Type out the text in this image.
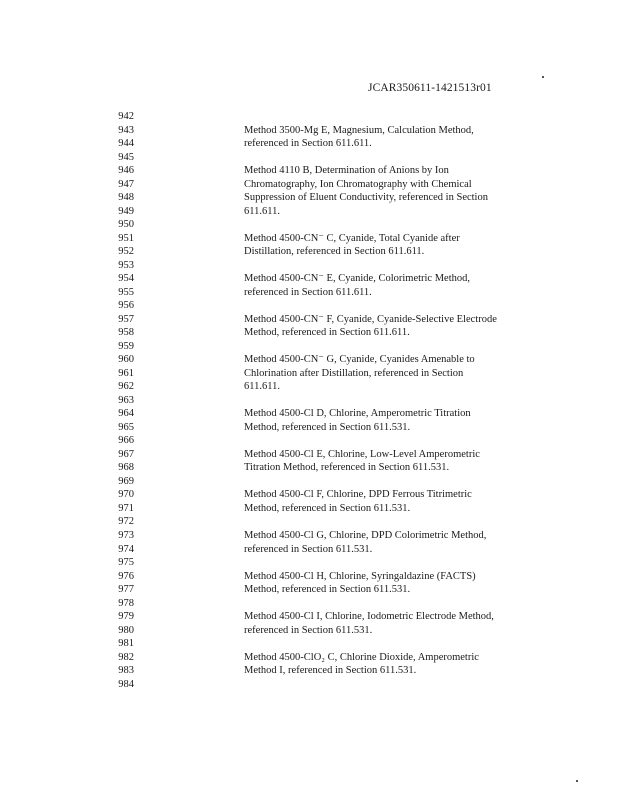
JCAR350611-1421513r01
942
943
944
945
946
947
948
949
950
951
952
953
954
955
956
957
958
959
960
961
962
963
964
965
966
967
968
969
970
971
972
973
974
975
976
977
978
979
980
981
982
983
984
Method 3500-Mg E, Magnesium, Calculation Method,
referenced in Section 611.611.
Method 4110 B, Determination of Anions by Ion
Chromatography, Ion Chromatography with Chemical
Suppression of Eluent Conductivity, referenced in Section
611.611.
Method 4500-CN⁻ C, Cyanide, Total Cyanide after
Distillation, referenced in Section 611.611.
Method 4500-CN⁻ E, Cyanide, Colorimetric Method,
referenced in Section 611.611.
Method 4500-CN⁻ F, Cyanide, Cyanide-Selective Electrode
Method, referenced in Section 611.611.
Method 4500-CN⁻ G, Cyanide, Cyanides Amenable to
Chlorination after Distillation, referenced in Section
611.611.
Method 4500-Cl D, Chlorine, Amperometric Titration
Method, referenced in Section 611.531.
Method 4500-Cl E, Chlorine, Low-Level Amperometric
Titration Method, referenced in Section 611.531.
Method 4500-Cl F, Chlorine, DPD Ferrous Titrimetric
Method, referenced in Section 611.531.
Method 4500-Cl G, Chlorine, DPD Colorimetric Method,
referenced in Section 611.531.
Method 4500-Cl H, Chlorine, Syringaldazine (FACTS)
Method, referenced in Section 611.531.
Method 4500-Cl I, Chlorine, Iodometric Electrode Method,
referenced in Section 611.531.
Method 4500-ClO₂ C, Chlorine Dioxide, Amperometric
Method I, referenced in Section 611.531.
